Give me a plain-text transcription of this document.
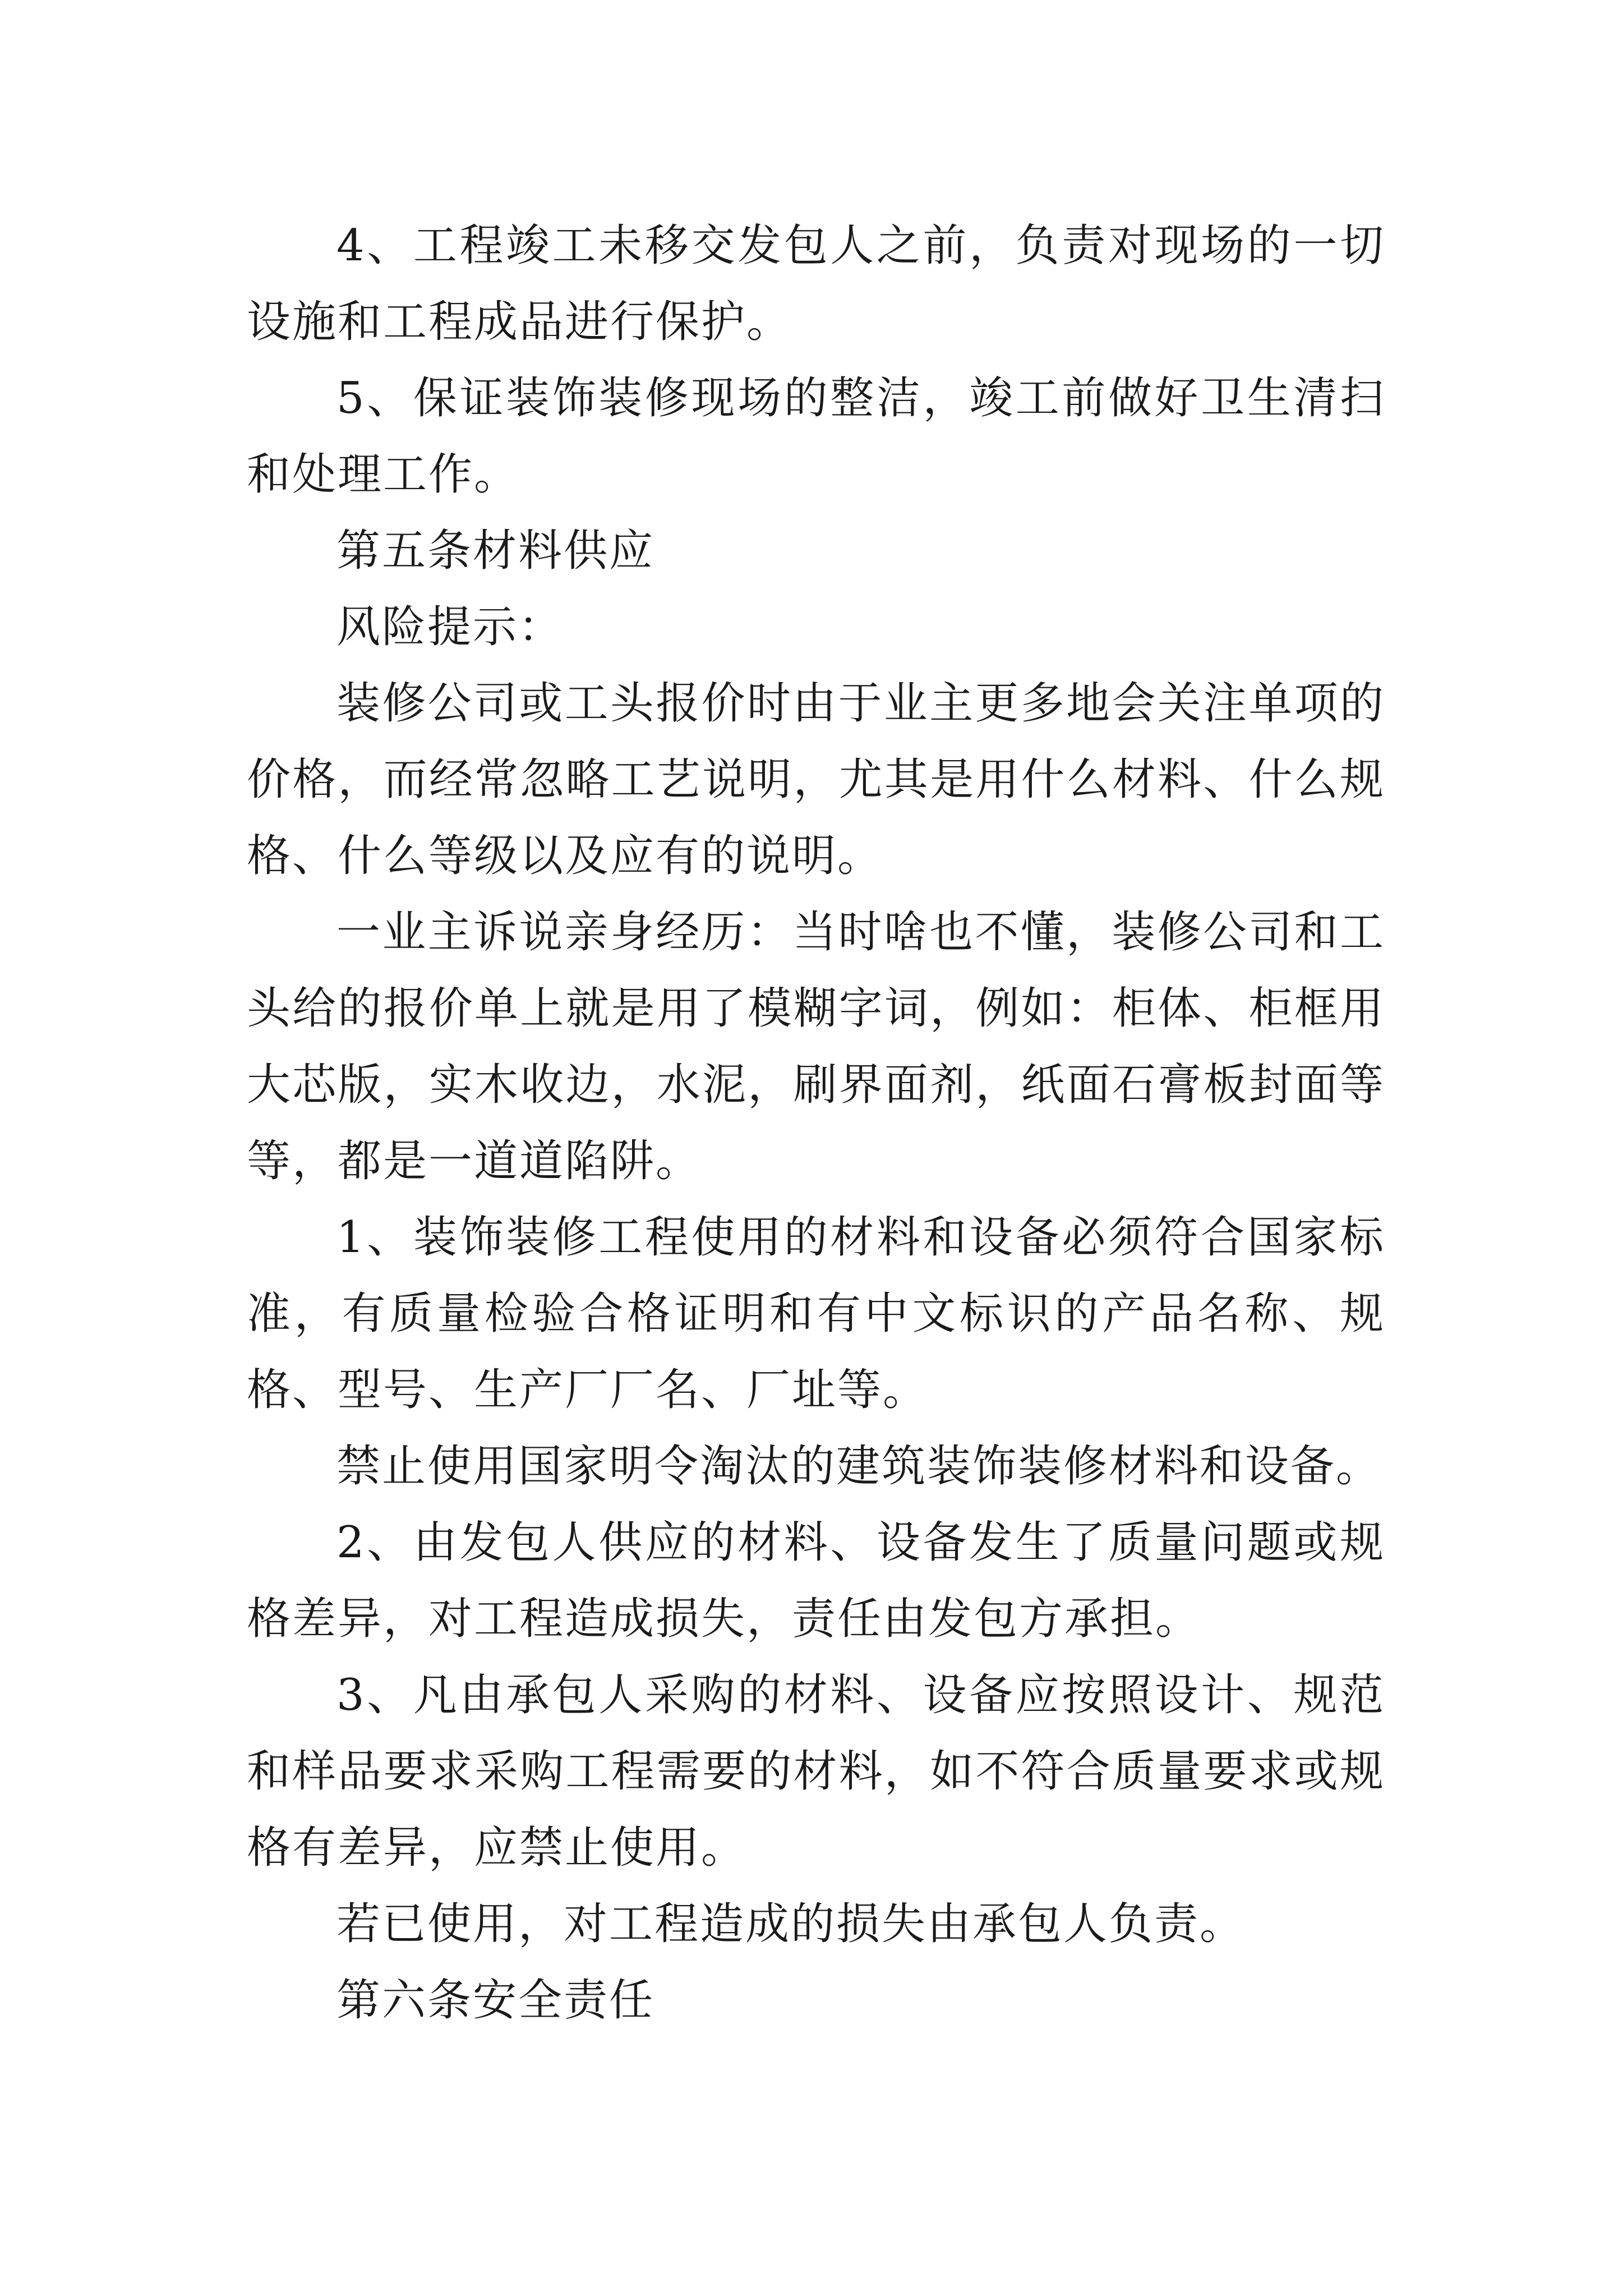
4、工程竣工未移交发包人之前，负责对现场的一切设施和工程成品进行保护。

5、保证装饰装修现场的整洁，竣工前做好卫生清扫和处理工作。

第五条材料供应

风险提示：

装修公司或工头报价时由于业主更多地会关注单项的价格，而经常忽略工艺说明，尤其是用什么材料、什么规格、什么等级以及应有的说明。

一业主诉说亲身经历：当时啥也不懂，装修公司和工头给的报价单上就是用了模糊字词，例如：柜体、柜框用大芯版，实木收边，水泥，刷界面剂，纸面石膏板封面等等，都是一道道陷阱。

1、装饰装修工程使用的材料和设备必须符合国家标准，有质量检验合格证明和有中文标识的产品名称、规格、型号、生产厂厂名、厂址等。

禁止使用国家明令淘汰的建筑装饰装修材料和设备。

2、由发包人供应的材料、设备发生了质量问题或规格差异，对工程造成损失，责任由发包方承担。

3、凡由承包人采购的材料、设备应按照设计、规范和样品要求采购工程需要的材料，如不符合质量要求或规格有差异，应禁止使用。

若已使用，对工程造成的损失由承包人负责。

第六条安全责任
